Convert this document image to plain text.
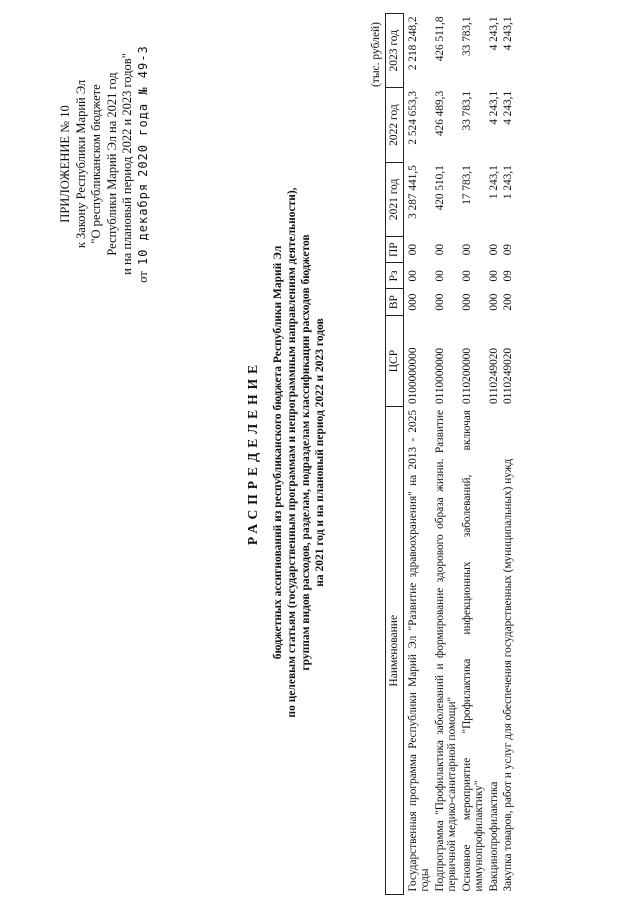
ПРИЛОЖЕНИЕ № 10 к Закону Республики Марий Эл "О республиканском бюджете Республики Марий Эл на 2021 год и на плановый период 2022 и 2023 годов"
от
10 декабря
2020 года № 49-З
РАСПРЕДЕЛЕНИЕ бюджетных ассигнований из республиканского бюджета Республики Марий Эл по целевым статьям (государственным программам и непрограммным направлениям деятельности), группам видов расходов, разделам, подразделам классификации расходов бюджетов на 2021 год и на плановый период 2022 и 2023 годов
(тыс. рублей)
Наименование	ЦСР	ВР	Рз	ПР	2021 год	2022 год	2023 год
Государственная программа Республики Марий Эл "Развитие здравоохранения" на 2013 - 2025 годы	0100000000	000	00	00	3 287 441,5	2 524 653,3	2 218 248,2
Подпрограмма "Профилактика заболеваний и формирование здорового образа жизни. Развитие первичной медико-санитарной помощи"	0110000000	000	00	00	420 510,1	426 489,3	426 511,8
Основное мероприятие "Профилактика инфекционных заболеваний, включая иммунопрофилактику"	0110200000	000	00	00	17 783,1	33 783,1	33 783,1
Вакцинопрофилактика	0110249020	000	00	00	1 243,1	4 243,1	4 243,1
Закупка товаров, работ и услуг для обеспечения государственных (муниципальных) нужд	0110249020	200	09	09	1 243,1	4 243,1	4 243,1
